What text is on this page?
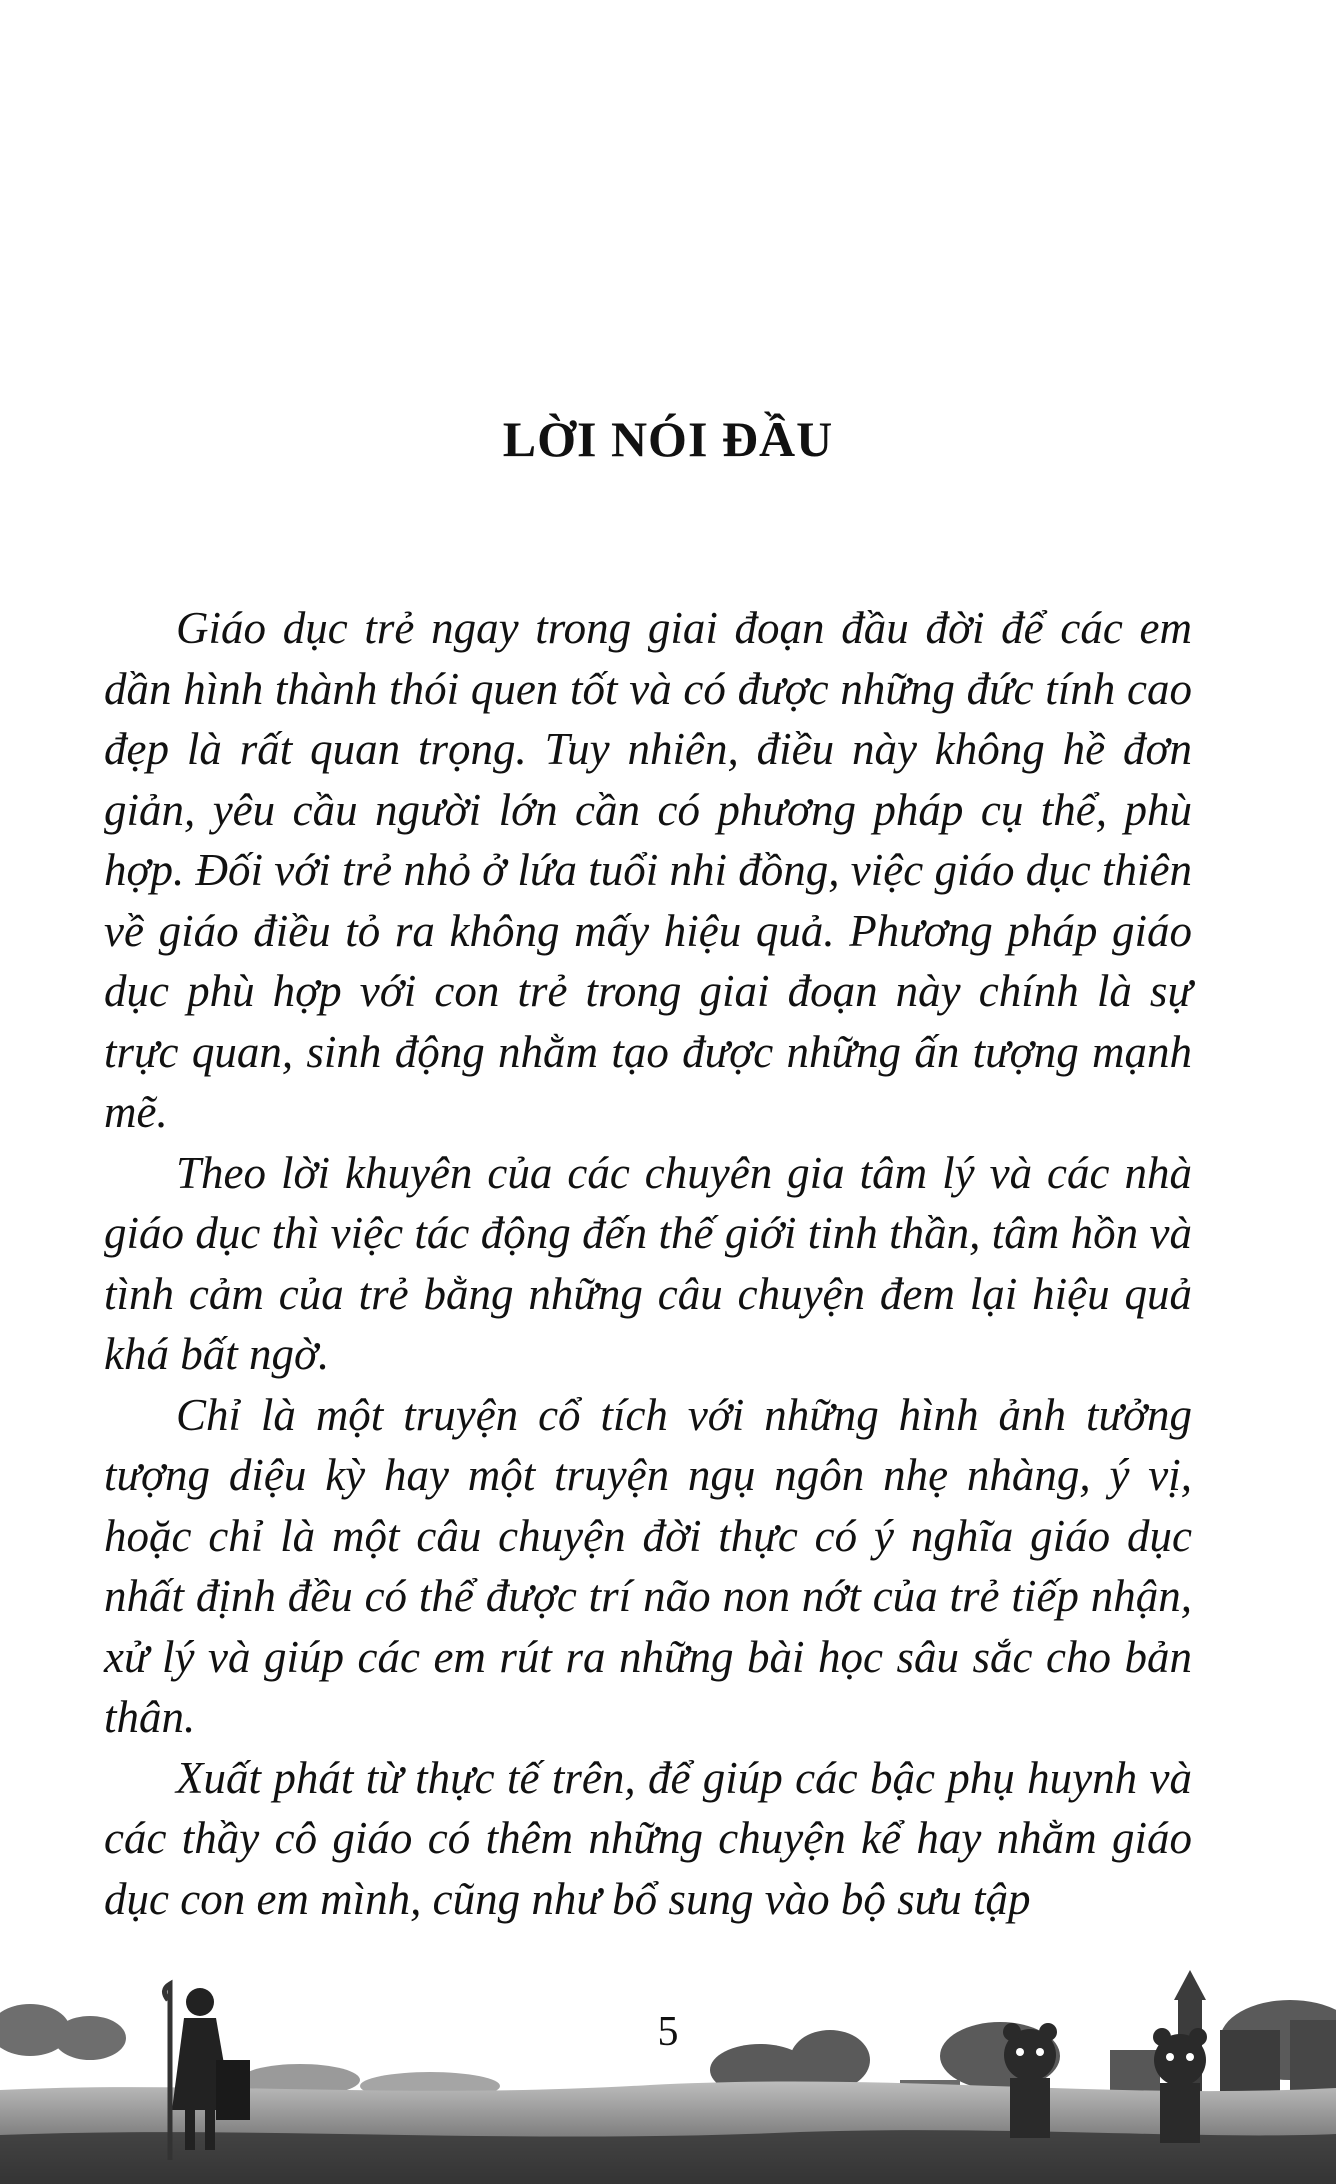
LỜI NÓI ĐẦU

Giáo dục trẻ ngay trong giai đoạn đầu đời để các em dần hình thành thói quen tốt và có được những đức tính cao đẹp là rất quan trọng. Tuy nhiên, điều này không hề đơn giản, yêu cầu người lớn cần có phương pháp cụ thể, phù hợp. Đối với trẻ nhỏ ở lứa tuổi nhi đồng, việc giáo dục thiên về giáo điều tỏ ra không mấy hiệu quả. Phương pháp giáo dục phù hợp với con trẻ trong giai đoạn này chính là sự trực quan, sinh động nhằm tạo được những ấn tượng mạnh mẽ.

Theo lời khuyên của các chuyên gia tâm lý và các nhà giáo dục thì việc tác động đến thế giới tinh thần, tâm hồn và tình cảm của trẻ bằng những câu chuyện đem lại hiệu quả khá bất ngờ.

Chỉ là một truyện cổ tích với những hình ảnh tưởng tượng diệu kỳ hay một truyện ngụ ngôn nhẹ nhàng, ý vị, hoặc chỉ là một câu chuyện đời thực có ý nghĩa giáo dục nhất định đều có thể được trí não non nớt của trẻ tiếp nhận, xử lý và giúp các em rút ra những bài học sâu sắc cho bản thân.

Xuất phát từ thực tế trên, để giúp các bậc phụ huynh và các thầy cô giáo có thêm những chuyện kể hay nhằm giáo dục con em mình, cũng như bổ sung vào bộ sưu tập

5
